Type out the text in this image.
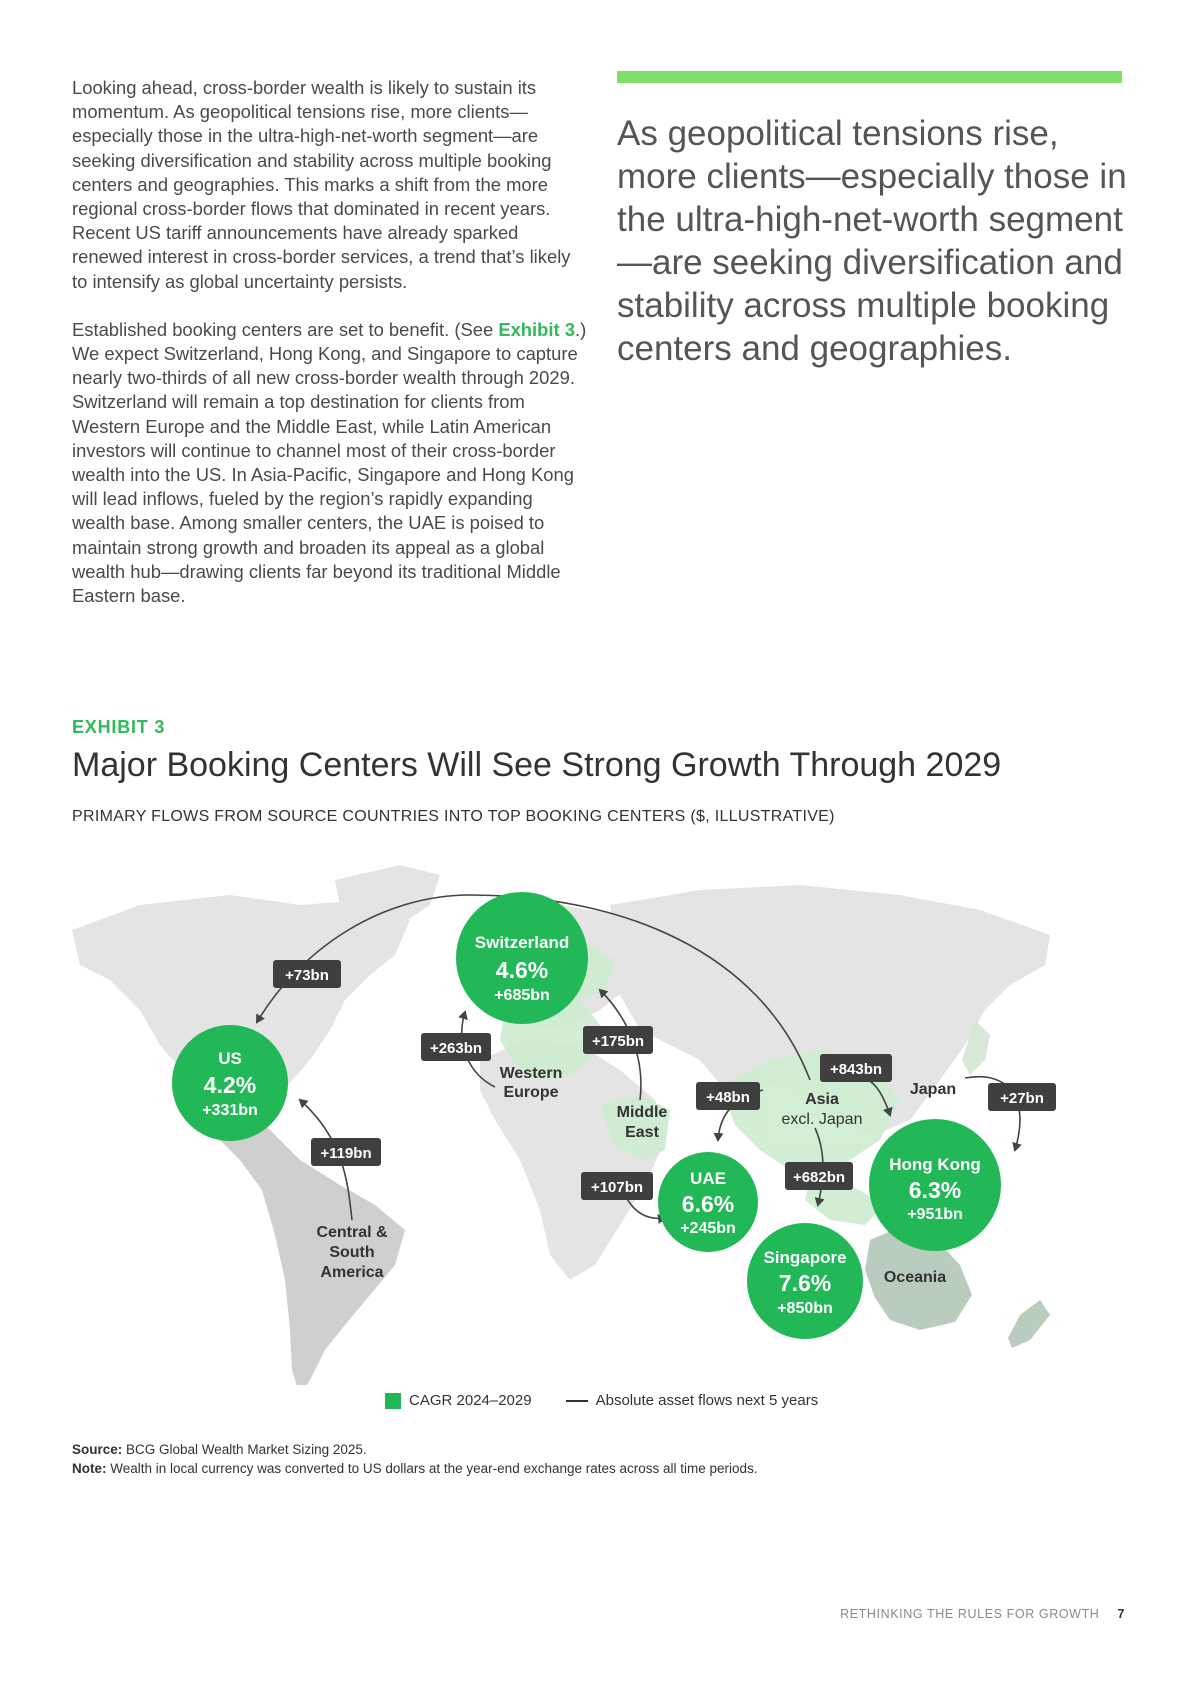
Looking ahead, cross-border wealth is likely to sustain its momentum. As geopolitical tensions rise, more clients—especially those in the ultra-high-net-worth segment—are seeking diversification and stability across multiple booking centers and geographies. This marks a shift from the more regional cross-border flows that dominated in recent years. Recent US tariff announcements have already sparked renewed interest in cross-border services, a trend that’s likely to intensify as global uncertainty persists.

Established booking centers are set to benefit. (See Exhibit 3.) We expect Switzerland, Hong Kong, and Singapore to capture nearly two-thirds of all new cross-border wealth through 2029. Switzerland will remain a top destination for clients from Western Europe and the Middle East, while Latin American investors will continue to channel most of their cross-border wealth into the US. In Asia-Pacific, Singapore and Hong Kong will lead inflows, fueled by the region’s rapidly expanding wealth base. Among smaller centers, the UAE is poised to maintain strong growth and broaden its appeal as a global wealth hub—drawing clients far beyond its traditional Middle Eastern base.

As geopolitical tensions rise, more clients—especially those in the ultra-high-net-worth segment—are seeking diversification and stability across multiple booking centers and geographies.
EXHIBIT 3
Major Booking Centers Will See Strong Growth Through 2029
PRIMARY FLOWS FROM SOURCE COUNTRIES INTO TOP BOOKING CENTERS ($, ILLUSTRATIVE)
Switzerland
4.6%
+685bn
US
4.2%
+331bn
UAE
6.6%
+245bn
Singapore
7.6%
+850bn
Hong Kong
6.3%
+951bn
Western
Europe
Middle
East
Asia
excl. Japan
Japan
Oceania
Central &
South
America
+73bn
+263bn	+175bn
+119bn
+48bn
+843bn
+27bn
+682bn
+107bn
CAGR 2024–2029	Absolute asset flows next 5 years
Source: BCG Global Wealth Market Sizing 2025.
Note: Wealth in local currency was converted to US dollars at the year-end exchange rates across all time periods.
RETHINKING THE RULES FOR GROWTH 7
